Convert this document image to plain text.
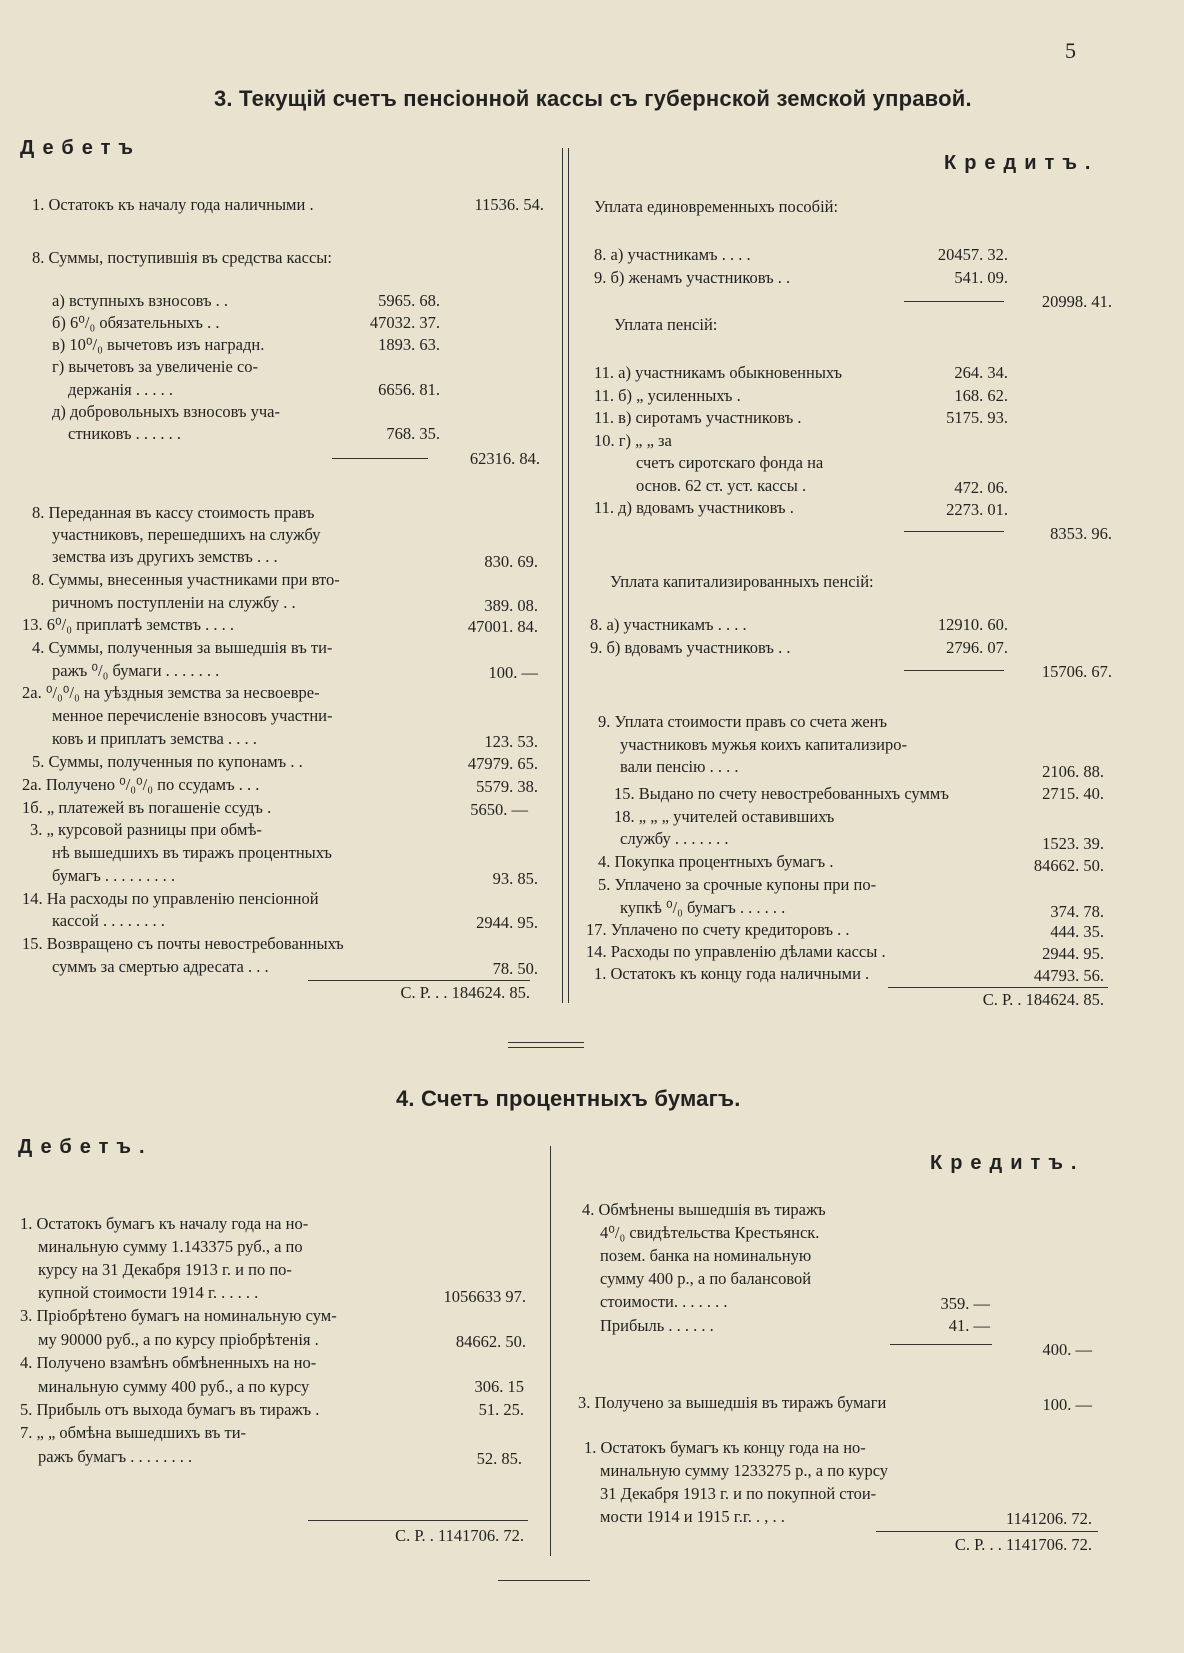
5
3. Текущій счетъ пенсіонной кассы съ губернской земской управой.
Дебетъ
Кредитъ.
1. Остатокъ къ началу года наличными .	11536. 54.
8. Суммы, поступившія въ средства кассы:
а) вступныхъ взносовъ . .	5965. 68.
б) 6⁰/₀ обязательныхъ . .	47032. 37.
в) 10⁰/₀ вычетовъ изъ наградн.	1893. 63.
г) вычетовъ за увеличеніе со-
держанія . . . . .	6656. 81.
д) добровольныхъ взносовъ уча-
стниковъ . . . . . .	768. 35.
62316. 84.
8. Переданная въ кассу стоимость правъ
участниковъ, перешедшихъ на службу
земства изъ другихъ земствъ . . .	830. 69.
8. Суммы, внесенныя участниками при вто-
ричномъ поступленіи на службу . .	389. 08.
13. 6⁰/₀ приплатѣ земствъ . . . .	47001. 84.
4. Суммы, полученныя за вышедшія въ ти-
ражъ ⁰/₀ бумаги . . . . . . .	100. —
2а. ⁰/₀⁰/₀ на уѣздныя земства за несвоевре-
менное перечисленіе взносовъ участни-
ковъ и приплатъ земства . . . .	123. 53.
5. Суммы, полученныя по купонамъ . .	47979. 65.
2а. Получено ⁰/₀⁰/₀ по ссудамъ . . .	5579. 38.
1б. „ платежей въ погашеніе ссудъ .	5650. —
3. „ курсовой разницы при обмѣ-
нѣ вышедшихъ въ тиражъ процентныхъ
бумагъ . . . . . . . . .	93. 85.
14. На расходы по управленію пенсіонной
кассой . . . . . . . .	2944. 95.
15. Возвращено съ почты невостребованныхъ
суммъ за смертью адресата . . .	78. 50.
С. Р. . . 184624. 85.
Уплата единовременныхъ пособій:
8. а) участникамъ . . . .	20457. 32.
9. б) женамъ участниковъ . .	541. 09.
20998. 41.
Уплата пенсій:
11. а) участникамъ обыкновенныхъ	264. 34.
11. б) „ усиленныхъ .	168. 62.
11. в) сиротамъ участниковъ .	5175. 93.
10. г) „ „ за
счетъ сиротскаго фонда на
основ. 62 ст. уст. кассы .	472. 06.
11. д) вдовамъ участниковъ .	2273. 01.
8353. 96.
Уплата капитализированныхъ пенсій:
8. а) участникамъ . . . .	12910. 60.
9. б) вдовамъ участниковъ . .	2796. 07.
15706. 67.
9. Уплата стоимости правъ со счета женъ
участниковъ мужья коихъ капитализиро-
вали пенсію . . . .	2106. 88.
15. Выдано по счету невостребованныхъ суммъ	2715. 40.
18. „ „ „ учителей оставившихъ
службу . . . . . . .	1523. 39.
4. Покупка процентныхъ бумагъ .	84662. 50.
5. Уплачено за срочные купоны при по-
купкѣ ⁰/₀ бумагъ . . . . . .	374. 78.
17. Уплачено по счету кредиторовъ . .	444. 35.
14. Расходы по управленію дѣлами кассы .	2944. 95.
1. Остатокъ къ концу года наличными .	44793. 56.
С. Р. . 184624. 85.
4. Счетъ процентныхъ бумагъ.
Дебетъ.
Кредитъ.
1. Остатокъ бумагъ къ началу года на но-
минальную сумму 1.143375 руб., а по
курсу на 31 Декабря 1913 г. и по по-
купной стоимости 1914 г. . . . . .	1056633 97.
3. Пріобрѣтено бумагъ на номинальную сум-
му 90000 руб., а по курсу пріобрѣтенія .	84662. 50.
4. Получено взамѣнъ обмѣненныхъ на но-
минальную сумму 400 руб., а по курсу	306. 15
5. Прибыль отъ выхода бумагъ въ тиражъ .	51. 25.
7. „ „ обмѣна вышедшихъ въ ти-
ражъ бумагъ . . . . . . . .	52. 85.
С. Р. . 1141706. 72.
4. Обмѣнены вышедшія въ тиражъ
4⁰/₀ свидѣтельства Крестьянск.
позем. банка на номинальную
сумму 400 р., а по балансовой
стоимости. . . . . . .	359. —
Прибыль . . . . . .	41. —
400. —
3. Получено за вышедшія въ тиражъ бумаги	100. —
1. Остатокъ бумагъ къ концу года на но-
минальную сумму 1233275 р., а по курсу
31 Декабря 1913 г. и по покупной стои-
мости 1914 и 1915 г.г. . , . .	1141206. 72.
С. Р. . . 1141706. 72.
